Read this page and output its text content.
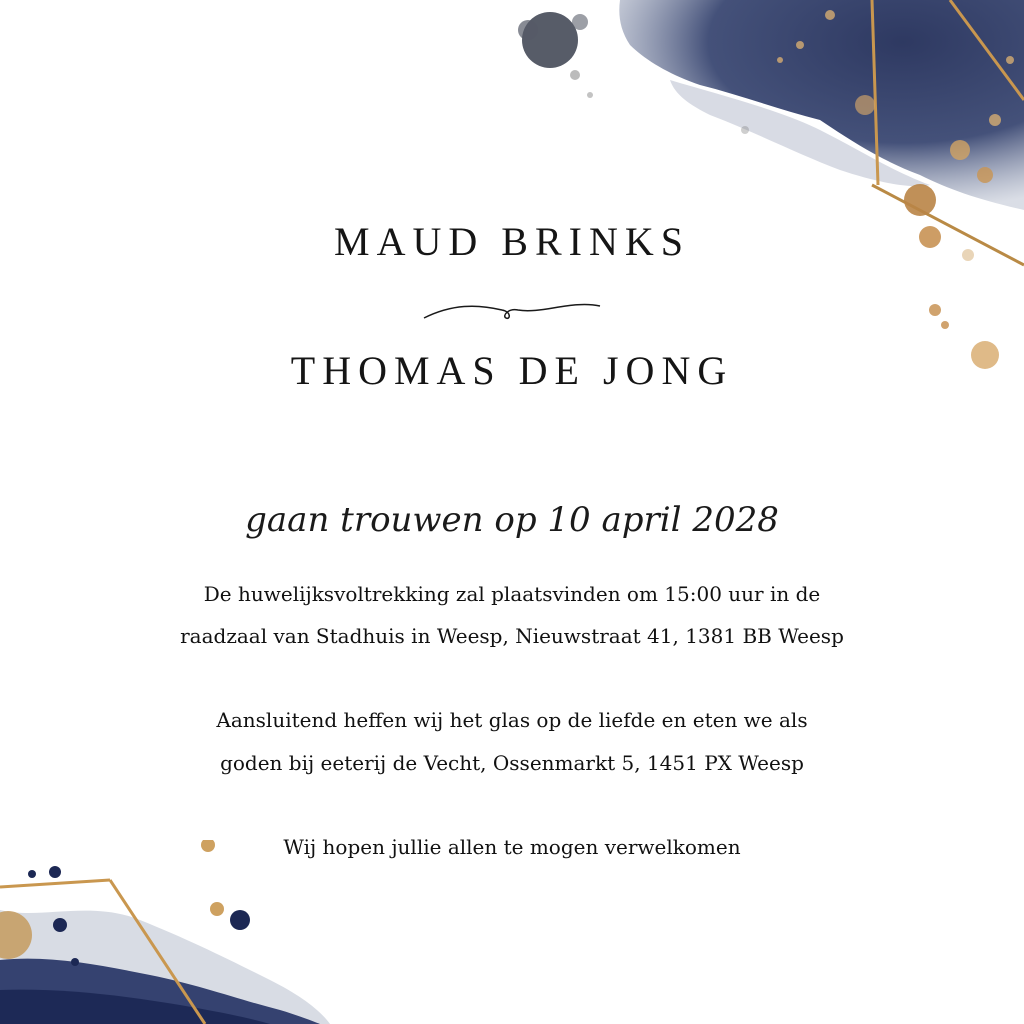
MAUD BRINKS
THOMAS DE JONG
gaan trouwen op 10 april 2028
De huwelijksvoltrekking zal plaatsvinden om 15:00 uur in de
raadzaal van Stadhuis in Weesp, Nieuwstraat 41, 1381 BB Weesp
Aansluitend heffen wij het glas op de liefde en eten we als
goden bij eeterij de Vecht, Ossenmarkt 5, 1451 PX Weesp
Wij hopen jullie allen te mogen verwelkomen
